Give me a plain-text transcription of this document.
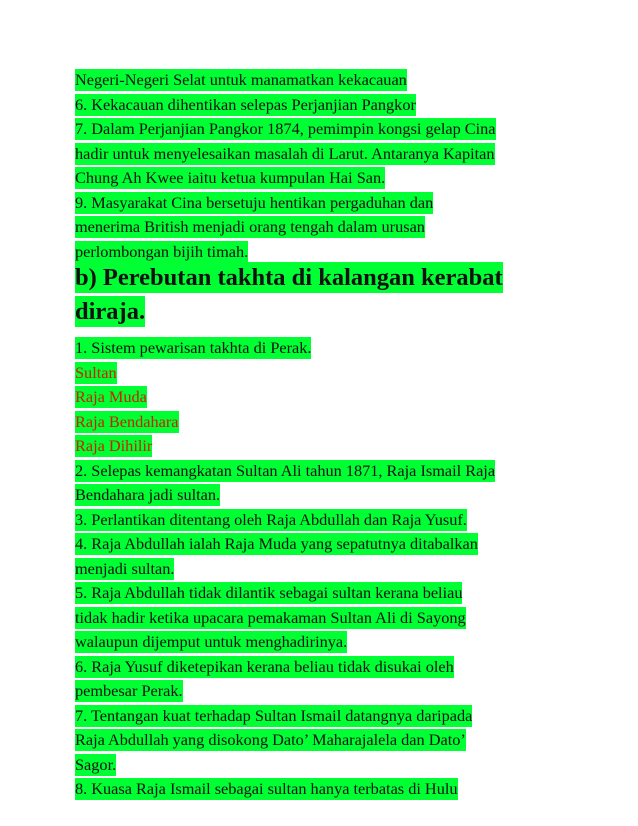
Negeri-Negeri Selat untuk manamatkan kekacauan
6. Kekacauan dihentikan selepas Perjanjian Pangkor
7. Dalam Perjanjian Pangkor 1874, pemimpin kongsi gelap Cina
hadir untuk menyelesaikan masalah di Larut. Antaranya Kapitan
Chung Ah Kwee iaitu ketua kumpulan Hai San.
9. Masyarakat Cina bersetuju hentikan pergaduhan dan
menerima British menjadi orang tengah dalam urusan
perlombongan bijih timah.
b) Perebutan takhta di kalangan kerabat
diraja.
1. Sistem pewarisan takhta di Perak.
Sultan
Raja Muda
Raja Bendahara
Raja Dihilir
2. Selepas kemangkatan Sultan Ali tahun 1871, Raja Ismail Raja
Bendahara jadi sultan.
3. Perlantikan ditentang oleh Raja Abdullah dan Raja Yusuf.
4. Raja Abdullah ialah Raja Muda yang sepatutnya ditabalkan
menjadi sultan.
5. Raja Abdullah tidak dilantik sebagai sultan kerana beliau
tidak hadir ketika upacara pemakaman Sultan Ali di Sayong
walaupun dijemput untuk menghadirinya.
6. Raja Yusuf diketepikan kerana beliau tidak disukai oleh
pembesar Perak.
7. Tentangan kuat terhadap Sultan Ismail datangnya daripada
Raja Abdullah yang disokong Dato’ Maharajalela dan Dato’
Sagor.
8. Kuasa Raja Ismail sebagai sultan hanya terbatas di Hulu
